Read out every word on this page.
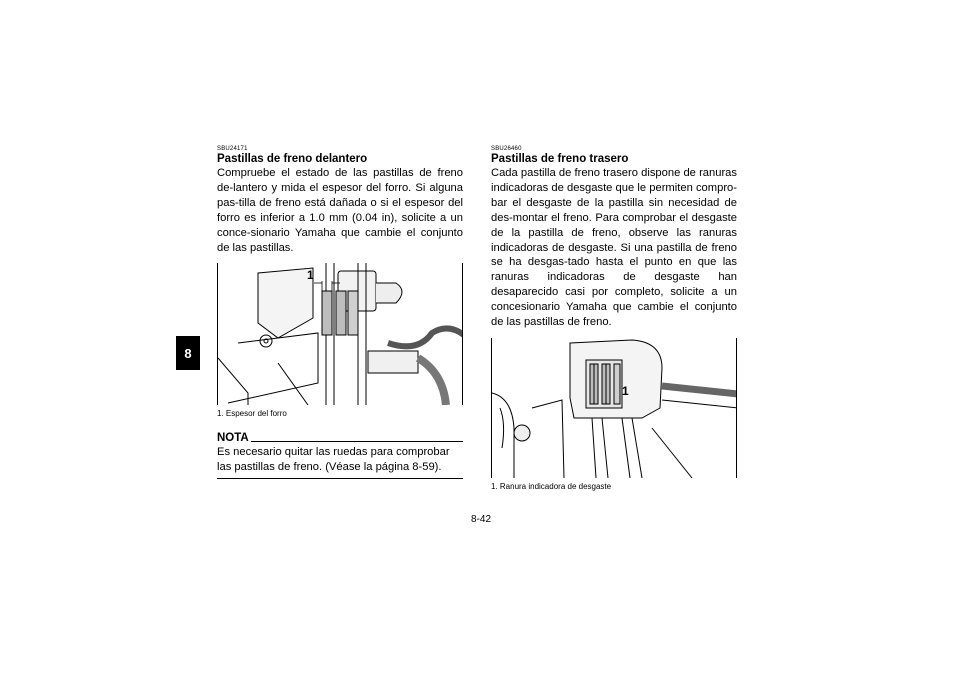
8
SBU24171
Pastillas de freno delantero

Compruebe el estado de las pastillas de freno de-lantero y mida el espesor del forro. Si alguna pas-tilla de freno está dañada o si el espesor del forro es inferior a 1.0 mm (0.04 in), solicite a un conce-sionario Yamaha que cambie el conjunto de las pastillas.

1
1. Espesor del forro
NOTA
Es necesario quitar las ruedas para comprobar las pastillas de freno. (Véase la página 8-59).
SBU26460
Pastillas de freno trasero

Cada pastilla de freno trasero dispone de ranuras indicadoras de desgaste que le permiten compro-bar el desgaste de la pastilla sin necesidad de des-montar el freno. Para comprobar el desgaste de la pastilla de freno, observe las ranuras indicadoras de desgaste. Si una pastilla de freno se ha desgas-tado hasta el punto en que las ranuras indicadoras de desgaste han desaparecido casi por completo, solicite a un concesionario Yamaha que cambie el conjunto de las pastillas de freno.

1
1. Ranura indicadora de desgaste
8-42
